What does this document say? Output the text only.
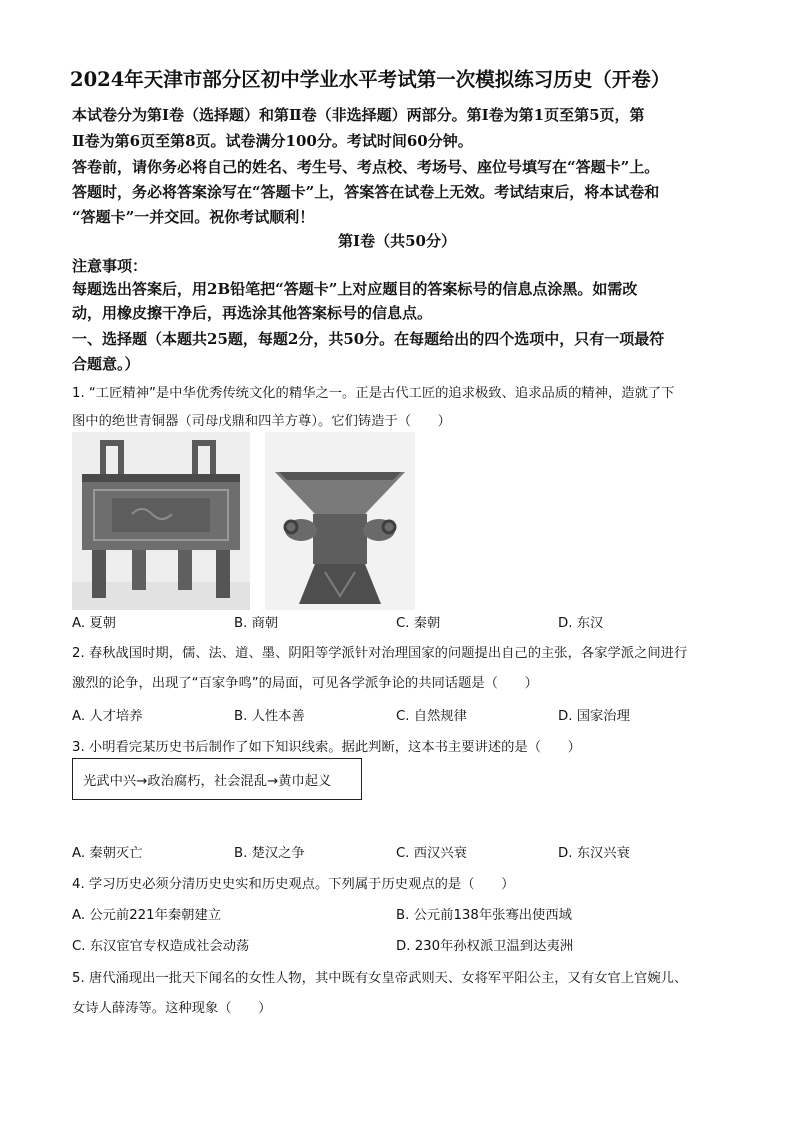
2024年天津市部分区初中学业水平考试第一次模拟练习历史（开卷）
本试卷分为第Ⅰ卷（选择题）和第Ⅱ卷（非选择题）两部分。第Ⅰ卷为第1页至第5页，第
Ⅱ卷为第6页至第8页。试卷满分100分。考试时间60分钟。
答卷前，请你务必将自己的姓名、考生号、考点校、考场号、座位号填写在“答题卡”上。
答题时，务必将答案涂写在“答题卡”上，答案答在试卷上无效。考试结束后，将本试卷和
“答题卡”一并交回。祝你考试顺利！
第Ⅰ卷（共50分）
注意事项：
每题选出答案后，用2B铅笔把“答题卡”上对应题目的答案标号的信息点涂黑。如需改
动，用橡皮擦干净后，再选涂其他答案标号的信息点。
一、选择题（本题共25题，每题2分，共50分。在每题给出的四个选项中，只有一项最符
合题意。）
1. “工匠精神”是中华优秀传统文化的精华之一。正是古代工匠的追求极致、追求品质的精神，造就了下
图中的绝世青铜器（司母戊鼎和四羊方尊）。它们铸造于（　　）
A. 夏朝	B. 商朝	C. 秦朝	D. 东汉
2. 春秋战国时期，儒、法、道、墨、阴阳等学派针对治理国家的问题提出自己的主张，各家学派之间进行
激烈的论争，出现了“百家争鸣”的局面，可见各学派争论的共同话题是（　　）
A. 人才培养	B. 人性本善	C. 自然规律	D. 国家治理
3. 小明看完某历史书后制作了如下知识线索。据此判断，这本书主要讲述的是（　　）
光武中兴→政治腐朽，社会混乱→黄巾起义
A. 秦朝灭亡	B. 楚汉之争	C. 西汉兴衰	D. 东汉兴衰
4. 学习历史必须分清历史史实和历史观点。下列属于历史观点的是（　　）
A. 公元前221年秦朝建立	B. 公元前138年张骞出使西域
C. 东汉宦官专权造成社会动荡	D. 230年孙权派卫温到达夷洲
5. 唐代涌现出一批天下闻名的女性人物，其中既有女皇帝武则天、女将军平阳公主，又有女官上官婉儿、
女诗人薛涛等。这种现象（　　）
